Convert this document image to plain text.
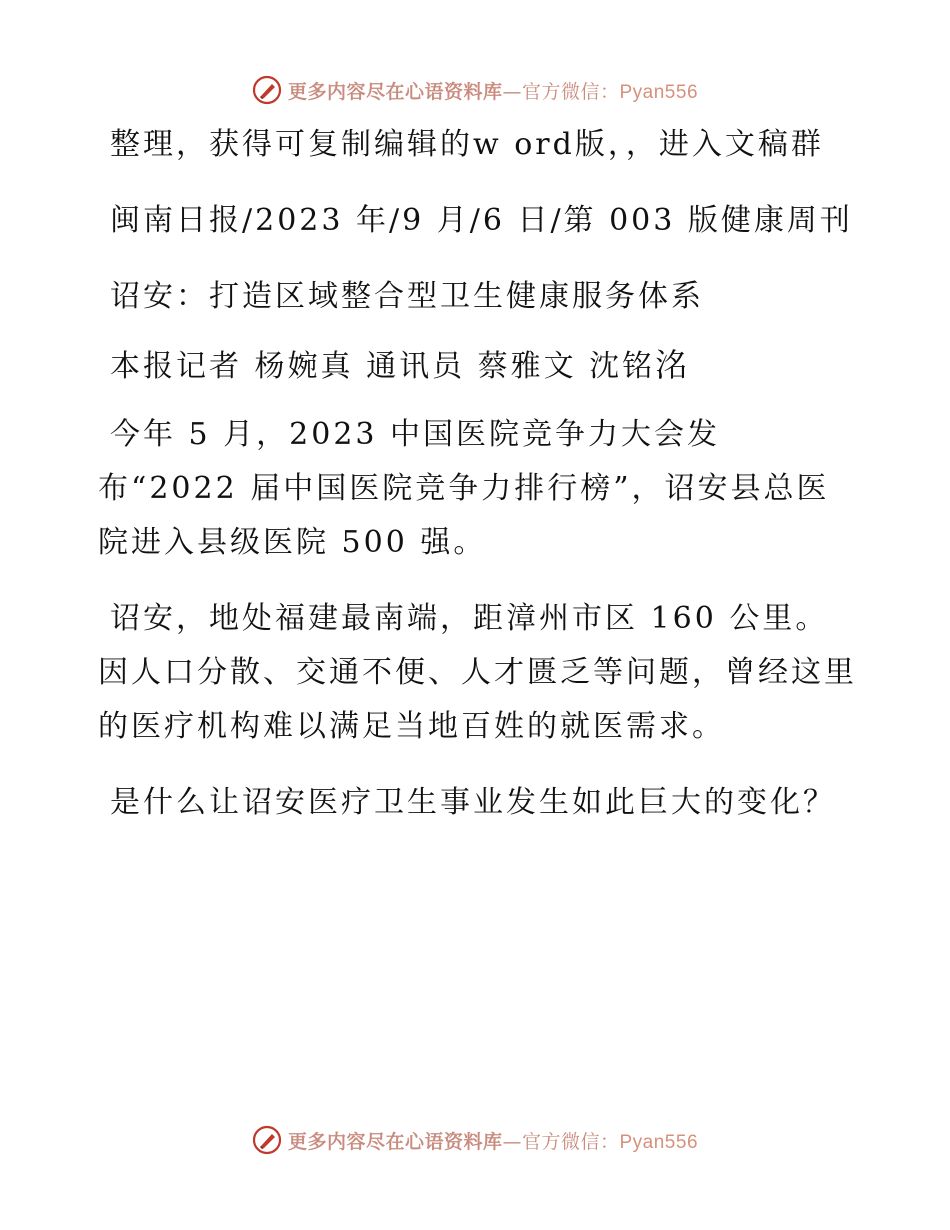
更多内容尽在心语资料库—官方微信：Pyan556

整理，获得可复制编辑的w ord版，，进入文稿群

闽南日报/2023 年/9 月/6 日/第 003 版健康周刊

诏安：打造区域整合型卫生健康服务体系

本报记者 杨婉真 通讯员 蔡雅文 沈铭洺

今年 5 月，2023 中国医院竞争力大会发布“2022 届中国医院竞争力排行榜”，诏安县总医院进入县级医院 500 强。

诏安，地处福建最南端，距漳州市区 160 公里。因人口分散、交通不便、人才匮乏等问题，曾经这里的医疗机构难以满足当地百姓的就医需求。

是什么让诏安医疗卫生事业发生如此巨大的变化？

更多内容尽在心语资料库—官方微信：Pyan556
